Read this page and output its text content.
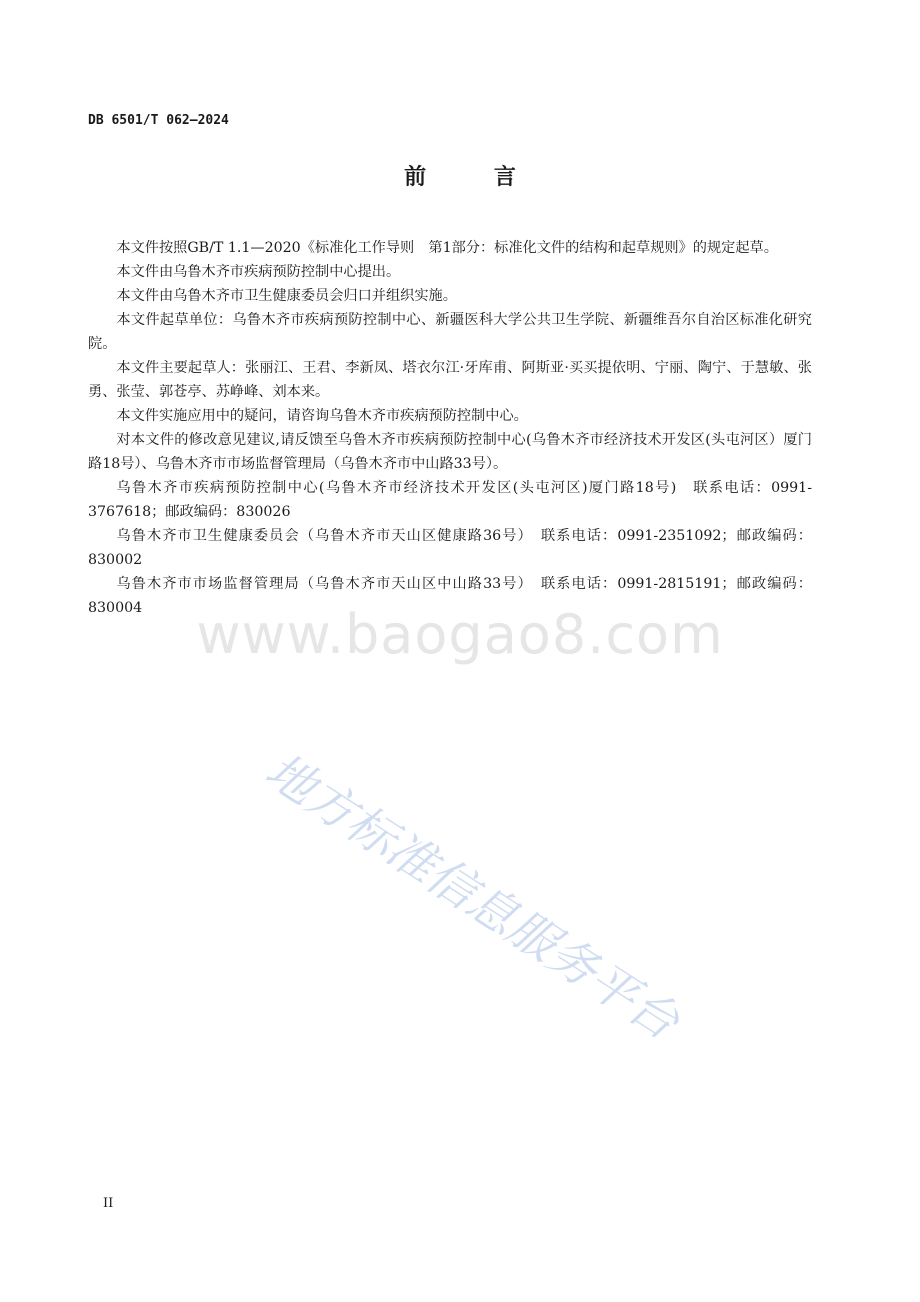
www.baogao8.com
地方标准信息服务平台
DB 6501/T 062—2024
前 言

本文件按照GB/T 1.1—2020《标准化工作导则　第1部分：标准化文件的结构和起草规则》的规定起草。

本文件由乌鲁木齐市疾病预防控制中心提出。

本文件由乌鲁木齐市卫生健康委员会归口并组织实施。

本文件起草单位：乌鲁木齐市疾病预防控制中心、新疆医科大学公共卫生学院、新疆维吾尔自治区标准化研究院。

本文件主要起草人：张丽江、王君、李新凤、塔衣尔江·牙库甫、阿斯亚·买买提依明、宁丽、陶宁、于慧敏、张勇、张莹、郭苍亭、苏峥峰、刘本来。

本文件实施应用中的疑问，请咨询乌鲁木齐市疾病预防控制中心。

对本文件的修改意见建议,请反馈至乌鲁木齐市疾病预防控制中心(乌鲁木齐市经济技术开发区(头屯河区）厦门路18号）、乌鲁木齐市市场监督管理局（乌鲁木齐市中山路33号）。

乌鲁木齐市疾病预防控制中心(乌鲁木齐市经济技术开发区(头屯河区)厦门路18号)　联系电话：0991-3767618；邮政编码：830026

乌鲁木齐市卫生健康委员会（乌鲁木齐市天山区健康路36号）　联系电话：0991-2351092；邮政编码：830002

乌鲁木齐市市场监督管理局（乌鲁木齐市天山区中山路33号）　联系电话：0991-2815191；邮政编码：830004

II
